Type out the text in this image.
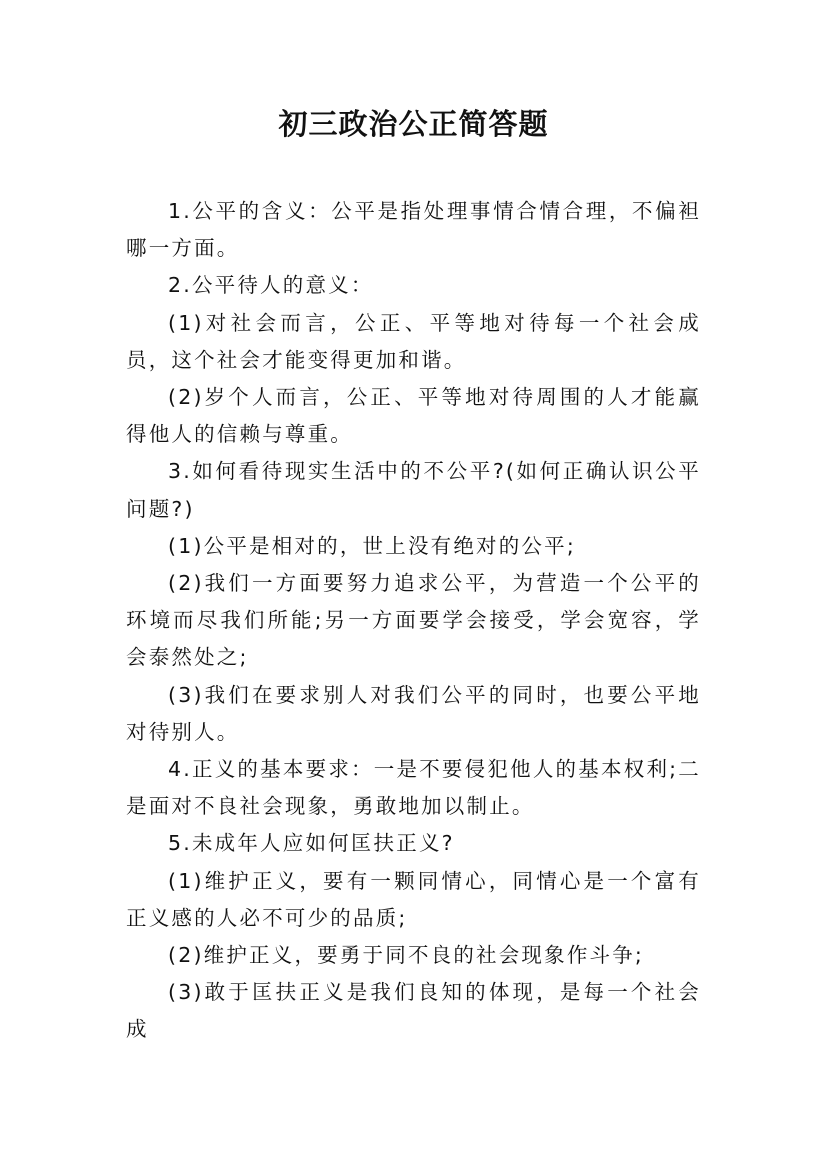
初三政治公正简答题

1.公平的含义：公平是指处理事情合情合理，不偏袒哪一方面。

2.公平待人的意义：

(1)对社会而言，公正、平等地对待每一个社会成员，这个社会才能变得更加和谐。

(2)岁个人而言，公正、平等地对待周围的人才能赢得他人的信赖与尊重。

3.如何看待现实生活中的不公平?(如何正确认识公平问题?)

(1)公平是相对的，世上没有绝对的公平;

(2)我们一方面要努力追求公平，为营造一个公平的环境而尽我们所能;另一方面要学会接受，学会宽容，学会泰然处之;

(3)我们在要求别人对我们公平的同时，也要公平地对待别人。

4.正义的基本要求：一是不要侵犯他人的基本权利;二是面对不良社会现象，勇敢地加以制止。

5.未成年人应如何匡扶正义?

(1)维护正义，要有一颗同情心，同情心是一个富有正义感的人必不可少的品质;

(2)维护正义，要勇于同不良的社会现象作斗争;

(3)敢于匡扶正义是我们良知的体现，是每一个社会成
